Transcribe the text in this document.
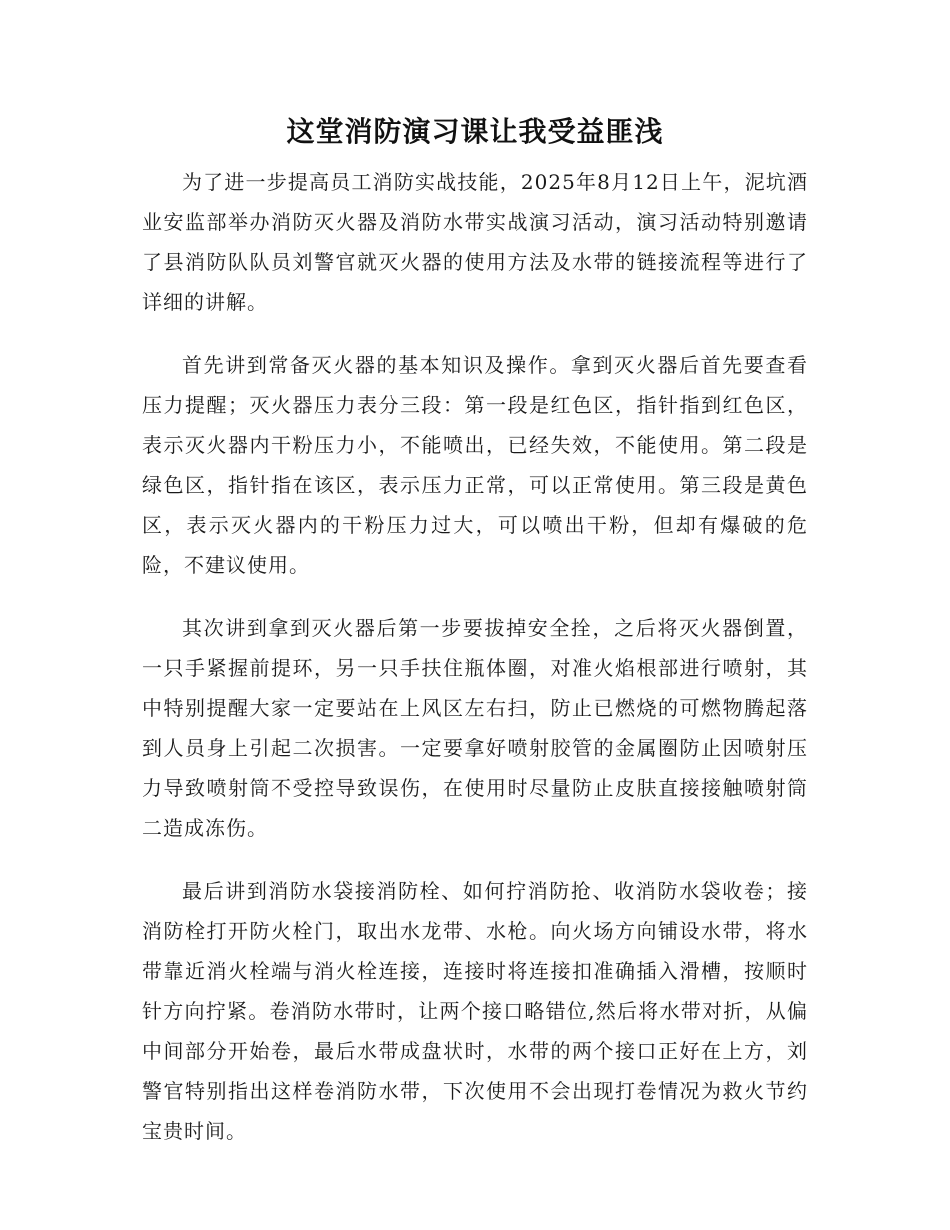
这堂消防演习课让我受益匪浅

为了进一步提高员工消防实战技能，2025年8月12日上午，泥坑酒业安监部举办消防灭火器及消防水带实战演习活动，演习活动特别邀请了县消防队队员刘警官就灭火器的使用方法及水带的链接流程等进行了详细的讲解。

首先讲到常备灭火器的基本知识及操作。拿到灭火器后首先要查看压力提醒；灭火器压力表分三段：第一段是红色区，指针指到红色区，表示灭火器内干粉压力小，不能喷出，已经失效，不能使用。第二段是绿色区，指针指在该区，表示压力正常，可以正常使用。第三段是黄色区，表示灭火器内的干粉压力过大，可以喷出干粉，但却有爆破的危险，不建议使用。

其次讲到拿到灭火器后第一步要拔掉安全拴，之后将灭火器倒置，一只手紧握前提环，另一只手扶住瓶体圈，对准火焰根部进行喷射，其中特别提醒大家一定要站在上风区左右扫，防止已燃烧的可燃物腾起落到人员身上引起二次损害。一定要拿好喷射胶管的金属圈防止因喷射压力导致喷射筒不受控导致误伤，在使用时尽量防止皮肤直接接触喷射筒二造成冻伤。

最后讲到消防水袋接消防栓、如何拧消防抢、收消防水袋收卷；接消防栓打开防火栓门，取出水龙带、水枪。向火场方向铺设水带，将水带靠近消火栓端与消火栓连接，连接时将连接扣准确插入滑槽，按顺时针方向拧紧。卷消防水带时，让两个接口略错位,然后将水带对折，从偏中间部分开始卷，最后水带成盘状时，水带的两个接口正好在上方，刘警官特别指出这样卷消防水带，下次使用不会出现打卷情况为救火节约宝贵时间。
